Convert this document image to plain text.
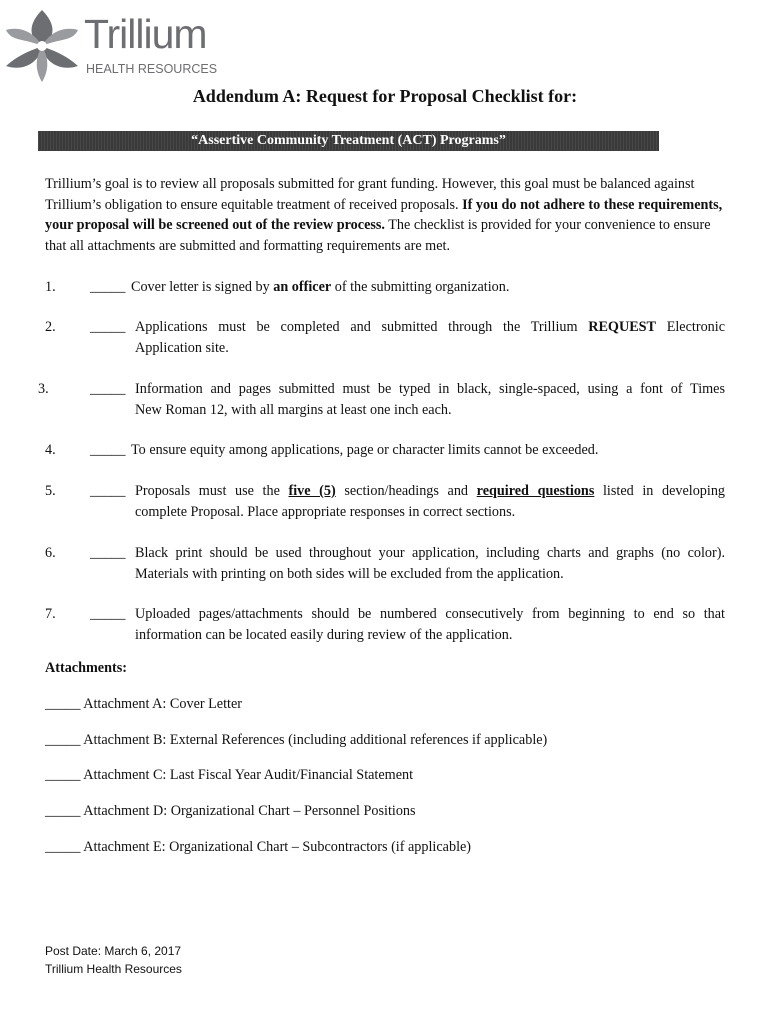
Trillium
HEALTH RESOURCES
Addendum A: Request for Proposal Checklist for:
“Assertive Community Treatment (ACT) Programs”

Trillium’s goal is to review all proposals submitted for grant funding. However, this goal must be balanced against Trillium’s obligation to ensure equitable treatment of received proposals. If you do not adhere to these requirements, your proposal will be screened out of the review process. The checklist is provided for your convenience to ensure that all attachments are submitted and formatting requirements are met.

1. _____ Cover letter is signed by an officer of the submitting organization.
2. _____ Applications must be completed and submitted through the Trillium REQUEST Electronic
Application site.
3.	_____ Information and pages submitted must be typed in black, single-spaced, using a font of Times
New Roman 12, with all margins at least one inch each.
4. _____ To ensure equity among applications, page or character limits cannot be exceeded.
5. _____ Proposals must use the five (5) section/headings and required questions listed in developing
complete Proposal. Place appropriate responses in correct sections.
6. _____ Black print should be used throughout your application, including charts and graphs (no color).
Materials with printing on both sides will be excluded from the application.
7. _____ Uploaded pages/attachments should be numbered consecutively from beginning to end so that
information can be located easily during review of the application.
Attachments:
_____ Attachment A: Cover Letter
_____ Attachment B: External References (including additional references if applicable)
_____ Attachment C: Last Fiscal Year Audit/Financial Statement
_____ Attachment D: Organizational Chart – Personnel Positions
_____ Attachment E: Organizational Chart – Subcontractors (if applicable)
Post Date: March 6, 2017
Trillium Health Resources
